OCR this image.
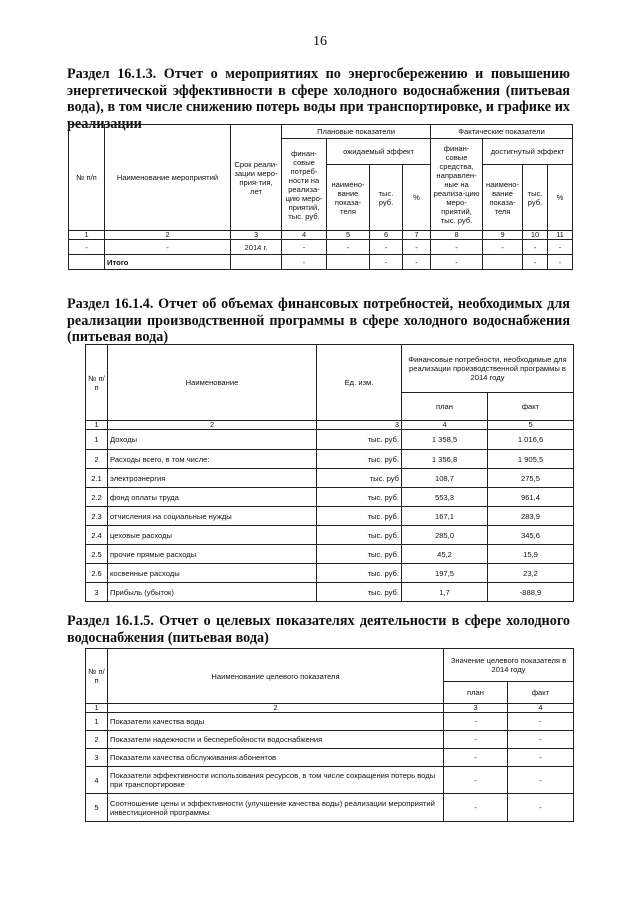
16
Раздел 16.1.3. Отчет о мероприятиях по энергосбережению и повышению энергетической эффективности в сфере холодного водоснабжения (питьевая вода), в том числе снижению потерь воды при транспортировке, и графике их реализации
№ п/п	Наименование мероприятий	Срок реали-зации меро-прия-тия, лет	Плановые показатели				Фактические показатели			
			финан-совые потреб-ности на реализа-цию меро-приятий, тыс. руб.	ожидаемый эффект			финан-совые средства, направлен-ные на реализа-цию меро-приятий, тыс. руб.	достигнутый эффект		
				наимено-вание показа-теля	тыс. руб.	%		наимено-вание показа-теля	тыс. руб.	%
1	2	3	4	5	6	7	8	9	10	11
-	-	2014 г.	-	-	-	-	-	-	-	-
	Итого		-		-	-	-		-	-
Раздел 16.1.4. Отчет об объемах финансовых потребностей, необходимых для реализации производственной программы в сфере холодного водоснабжения (питьевая вода)
№ п/п	Наименование	Ед. изм.	Финансовые потребности, необходимые для реализации производственной программы в 2014 году	
			план	факт
1	2	3	4	5
1	Доходы	тыс. руб.	1 358,5	1 016,6
2	Расходы всего, в том числе:	тыс. руб.	1 356,8	1 905,5
2.1	электроэнергия	тыс. руб	108,7	275,5
2.2	фонд оплаты труда	тыс. руб.	553,3	961,4
2.3	отчисления на социальные нужды	тыс. руб.	167,1	283,9
2.4	цеховые расходы	тыс. руб.	285,0	345,6
2.5	прочие прямые расходы	тыс. руб.	45,2	15,9
2.6	косвенные расходы	тыс. руб.	197,5	23,2
3	Прибыль (убыток)	тыс. руб.	1,7	-888,9
Раздел 16.1.5. Отчет о целевых показателях деятельности в сфере холодного водоснабжения (питьевая вода)
№ п/п	Наименование целевого показателя	Значение целевого показателя в 2014 году	
		план	факт
1	2	3	4
1	Показатели качества воды	-	-
2	Показатели надежности и бесперебойности водоснабжения	-	-
3	Показатели качества обслуживания абонентов	-	-
4	Показатели эффективности использования ресурсов, в том числе сокращения потерь воды при транспортировке	-	-
5	Соотношение цены и эффективности (улучшение качества воды) реализации мероприятий инвестиционной программы	-	-
